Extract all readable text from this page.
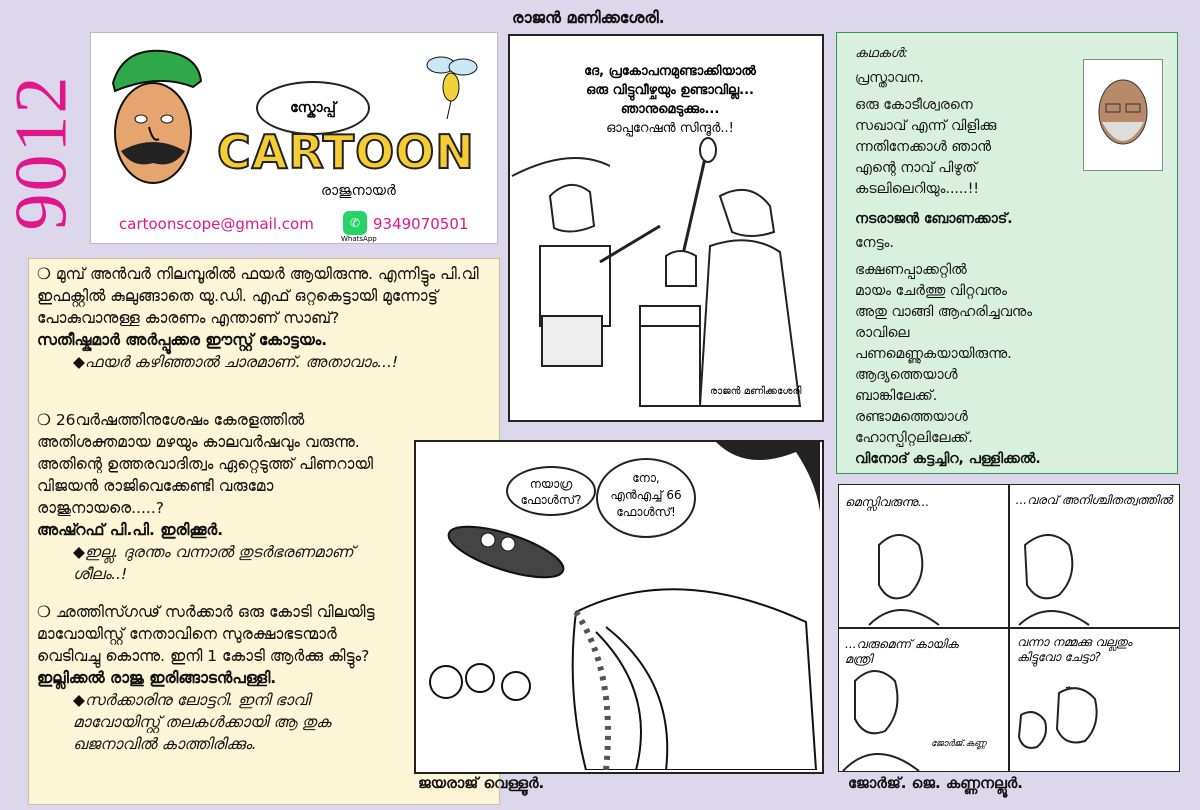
9012
രാജൻ മണിക്കശേരി.
സ്കോപ്പ്
CARTOON
രാജുനായർ
cartoonscope@gmail.com	✆
WhatsApp
9349070501

❍ മുമ്പ് അൻവർ നിലമ്പൂരിൽ ഫയർ ആയിരുന്നു. എന്നിട്ടും പി.വി ഇഫക്റ്റിൽ കുലുങ്ങാതെ യു.ഡി. എഫ് ഒറ്റകെട്ടായി മുന്നോട്ട് പോകുവാനുള്ള കാരണം എന്താണ് സാബ്?

സതീഷ്കുമാർ അർപ്പൂക്കര ഈസ്റ്റ് കോട്ടയം.

◆ഫയർ കഴിഞ്ഞാൽ ചാരമാണ്. അതാവാം...!

❍ 26വർഷത്തിനുശേഷം കേരളത്തിൽ അതിശക്തമായ മഴയും കാലവർഷവും വരുന്നു. അതിന്റെ ഉത്തരവാദിത്വം ഏറ്റെടുത്ത് പിണറായി വിജയൻ രാജിവെക്കേണ്ടി വരുമോ രാജുനായരെ.....?

അഷ്റഫ് പി.പി. ഇരിക്കൂർ.

◆ഇല്ല. ദുരന്തം വന്നാൽ തുടർഭരണമാണ് ശീലം..!

❍ ഛത്തിസ്ഗഢ് സർക്കാർ ഒരു കോടി വിലയിട്ട മാവോയിസ്റ്റ് നേതാവിനെ സുരക്ഷാഭടന്മാർ വെടിവച്ചു കൊന്നു. ഇനി 1 കോടി ആർക്കു കിട്ടും?

ഇല്ലിക്കൽ രാജു ഇരിങ്ങാടൻപള്ളി.

◆സർക്കാരിനു ലോട്ടറി. ഇനി ഭാവി മാവോയിസ്റ്റ് തലകൾക്കായി ആ തുക ഖജനാവിൽ കാത്തിരിക്കും.

ദേ, പ്രകോപനമുണ്ടാക്കിയാൽ
ഒരു വിട്ടുവീഴ്ചയും ഉണ്ടാവില്ല...
ഞാനുമെടുക്കും...
ഓപ്പറേഷൻ സിന്ദൂർ..!
രാജൻ മണിക്കശേരി
നയാഗ്ര
ഫോൾസ്?
നോ,
എൻഎച്ച് 66
ഫോൾസ്!
ജയരാജ് വെള്ളൂർ.

കഥകൾ:

പ്രസ്താവന.

ഒരു കോടീശ്വരനെ

സഖാവ് എന്ന് വിളിക്കു

ന്നതിനേക്കാൾ ഞാൻ

എന്റെ നാവ് പിഴുത്

കടലിലെറിയും.....!!

നടരാജൻ ബോണക്കാട്.

നേട്ടം.

ഭക്ഷണപ്പാക്കറ്റിൽ

മായം ചേർത്തു വിറ്റവനും

അതു വാങ്ങി ആഹരിച്ചവനും

രാവിലെ

പണമെണ്ണുകയായിരുന്നു.

ആദ്യത്തെയാൾ

ബാങ്കിലേക്ക്.

രണ്ടാമത്തെയാൾ

ഹോസ്പിറ്റലിലേക്ക്.

വിനോദ് കട്ടച്ചിറ, പള്ളിക്കൽ.

മെസ്സിവരുന്നു...	...വരവ് അനിശ്ചിതത്വത്തിൽ
...വരുമെന്ന് കായിക മന്ത്രി
വന്നാ നമ്മക്കു വല്ലതും കിട്ടുവോ ചേട്ടാ?
ജോർജ്.കണ്ണ
ജോർജ്. ജെ. കണ്ണനല്ലൂർ.
